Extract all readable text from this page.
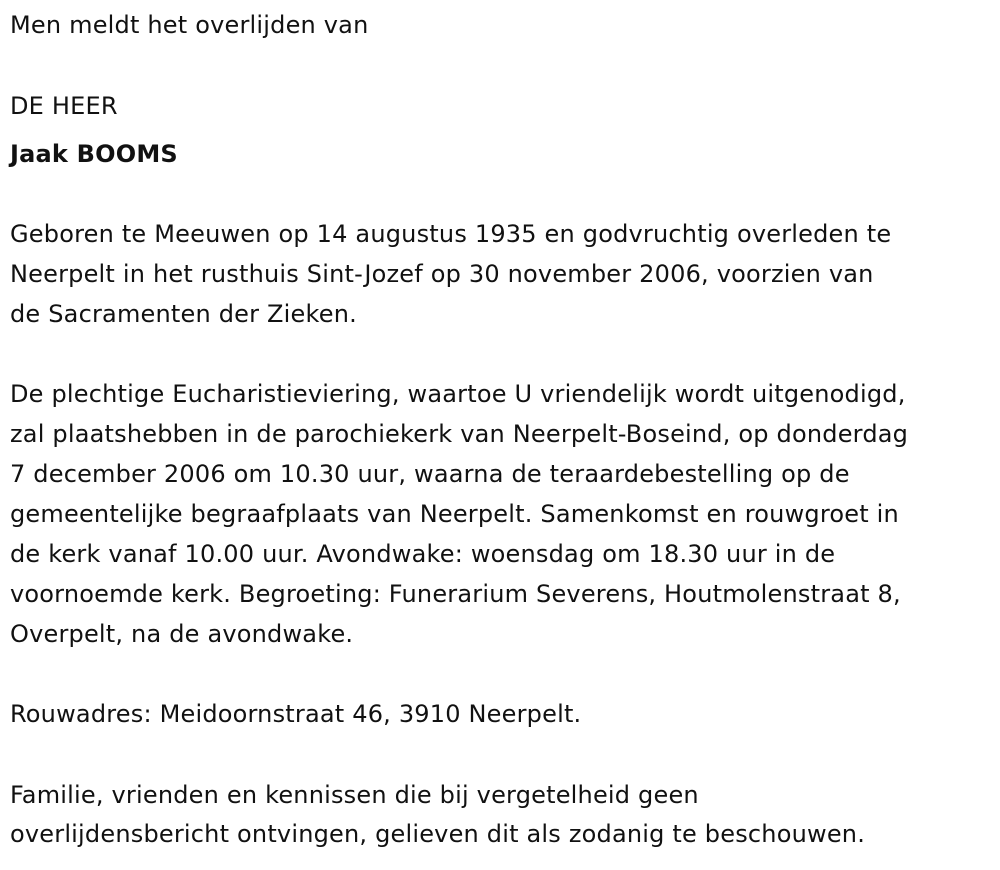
Men meldt het overlijden van
DE HEER
Jaak BOOMS
Geboren te Meeuwen op 14 augustus 1935 en godvruchtig overleden te
Neerpelt in het rusthuis Sint-Jozef op 30 november 2006, voorzien van
de Sacramenten der Zieken.
De plechtige Eucharistieviering, waartoe U vriendelijk wordt uitgenodigd,
zal plaatshebben in de parochiekerk van Neerpelt-Boseind, op donderdag
7 december 2006 om 10.30 uur, waarna de teraardebestelling op de
gemeentelijke begraafplaats van Neerpelt. Samenkomst en rouwgroet in
de kerk vanaf 10.00 uur. Avondwake: woensdag om 18.30 uur in de
voornoemde kerk. Begroeting: Funerarium Severens, Houtmolenstraat 8,
Overpelt, na de avondwake.
Rouwadres: Meidoornstraat 46, 3910 Neerpelt.
Familie, vrienden en kennissen die bij vergetelheid geen
overlijdensbericht ontvingen, gelieven dit als zodanig te beschouwen.
